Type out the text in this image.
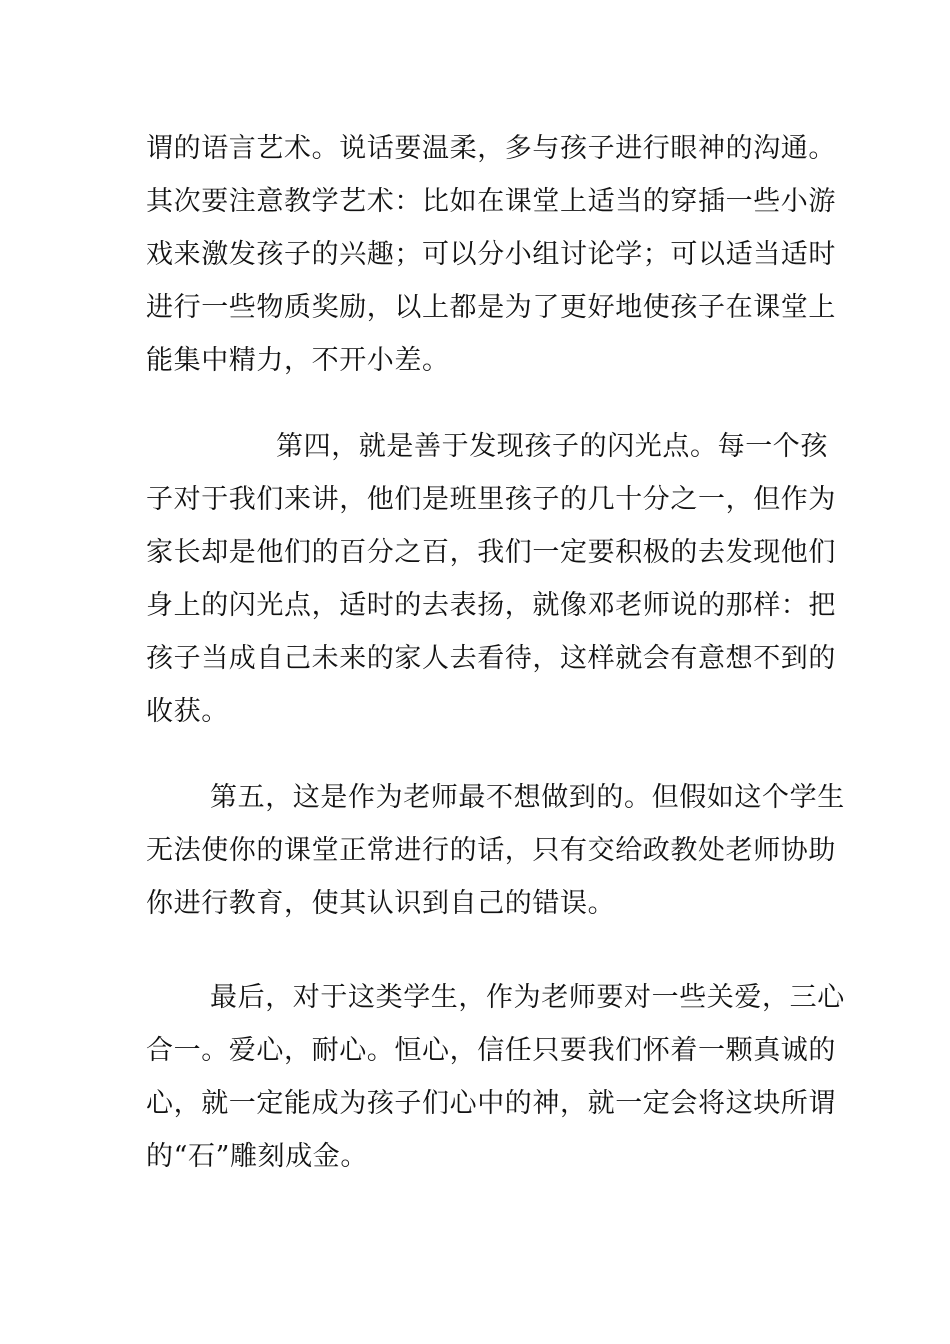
谓的语言艺术。说话要温柔，多与孩子进行眼神的沟通。
其次要注意教学艺术：比如在课堂上适当的穿插一些小游
戏来激发孩子的兴趣；可以分小组讨论学；可以适当适时
进行一些物质奖励，以上都是为了更好地使孩子在课堂上
能集中精力，不开小差。
第四，就是善于发现孩子的闪光点。每一个孩
子对于我们来讲，他们是班里孩子的几十分之一，但作为
家长却是他们的百分之百，我们一定要积极的去发现他们
身上的闪光点，适时的去表扬，就像邓老师说的那样：把
孩子当成自己未来的家人去看待，这样就会有意想不到的
收获。
第五，这是作为老师最不想做到的。但假如这个学生
无法使你的课堂正常进行的话，只有交给政教处老师协助
你进行教育，使其认识到自己的错误。
最后，对于这类学生，作为老师要对一些关爱，三心
合一。爱心，耐心。恒心，信任只要我们怀着一颗真诚的
心，就一定能成为孩子们心中的神，就一定会将这块所谓
的“石”雕刻成金。
